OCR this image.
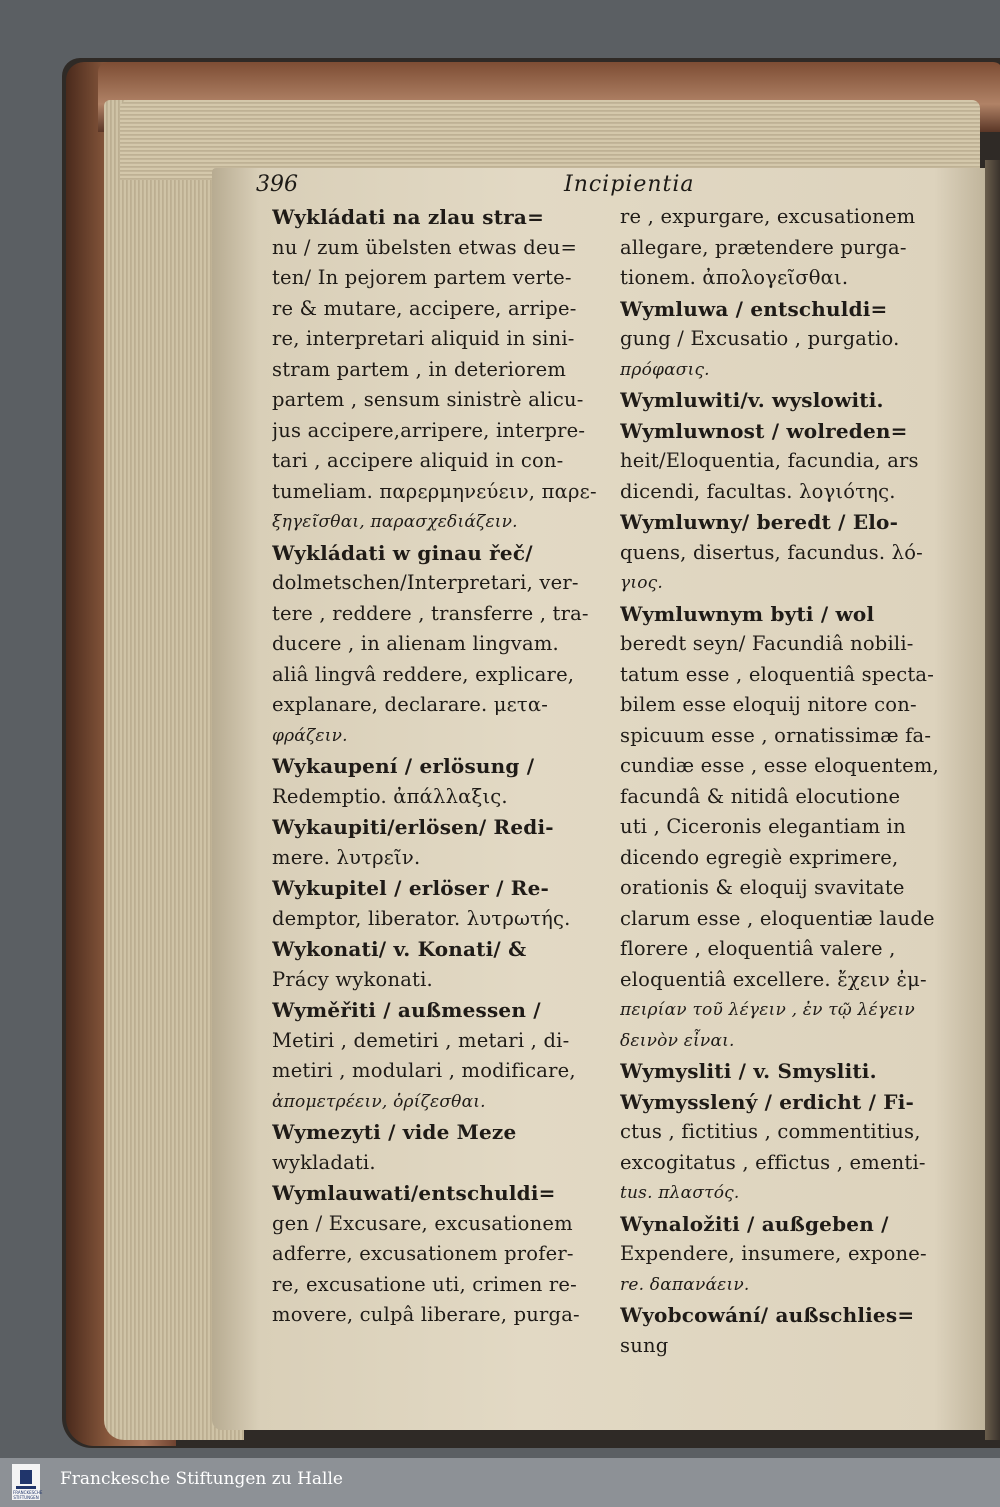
396	Incipientia
Wykládati na zlau stra=
nu / zum übelsten etwas deu=
ten/ In pejorem partem verte-
re & mutare, accipere, arripe-
re, interpretari aliquid in sini-
stram partem , in deteriorem
partem , sensum sinistrè alicu-
jus accipere,arripere, interpre-
tari , accipere aliquid in con-
tumeliam. παρερμηνεύειν, παρε-
ξηγεῖσθαι, παρασχεδιάζειν.
Wykládati w ginau řeč/
dolmetschen/Interpretari, ver-
tere , reddere , transferre , tra-
ducere , in alienam lingvam.
aliâ lingvâ reddere, explicare,
explanare, declarare. μετα-
φράζειν.
Wykaupení / erlösung /
Redemptio. ἀπάλλαξις.
Wykaupiti/erlösen/ Redi-
mere. λυτρεῖν.
Wykupitel / erlöser / Re-
demptor, liberator. λυτρωτής.
Wykonati/ v. Konati/ &
Prácy wykonati.
Wyměřiti / außmessen /
Metiri , demetiri , metari , di-
metiri , modulari , modificare,
ἀπομετρέειν, ὁρίζεσθαι.
Wymezyti / vide Meze
wykladati.
Wymlauwati/entschuldi=
gen / Excusare, excusationem
adferre, excusationem profer-
re, excusatione uti, crimen re-
movere, culpâ liberare, purga-
re , expurgare, excusationem
allegare, prætendere purga-
tionem. ἀπολογεῖσθαι.
Wymluwa / entschuldi=
gung / Excusatio , purgatio.
πρόφασις.
Wymluwiti/v. wyslowiti.
Wymluwnost / wolreden=
heit/Eloquentia, facundia, ars
dicendi, facultas. λογιότης.
Wymluwny/ beredt / Elo-
quens, disertus, facundus. λό-
γιος.
Wymluwnym byti / wol
beredt seyn/ Facundiâ nobili-
tatum esse , eloquentiâ specta-
bilem esse eloquij nitore con-
spicuum esse , ornatissimæ fa-
cundiæ esse , esse eloquentem,
facundâ & nitidâ elocutione
uti , Ciceronis elegantiam in
dicendo egregiè exprimere,
orationis & eloquij svavitate
clarum esse , eloquentiæ laude
florere , eloquentiâ valere ,
eloquentiâ excellere. ἔχειν ἐμ-
πειρίαν τοῦ λέγειν , ἐν τῷ λέγειν
δεινὸν εἶναι.
Wymysliti / v. Smysliti.
Wymysslený / erdicht / Fi-
ctus , fictitius , commentitius,
excogitatus , effictus , ementi-
tus. πλαστός.
Wynaložiti / außgeben /
Expendere, insumere, expone-
re. δαπανάειν.
Wyobcowání/ außschlies=
sung
FRANCKESCHE STIFTUNGEN
Franckesche Stiftungen zu Halle
